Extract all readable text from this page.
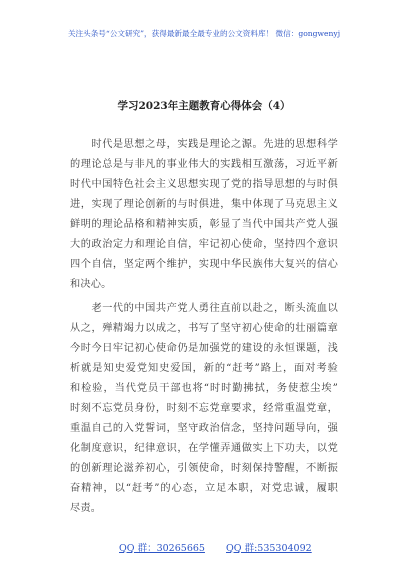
关注头条号“公文研究”，获得最新最全最专业的公文资料库！ 微信：gongwenyj
学习2023年主题教育心得体会（4）
　　时代是思想之母，实践是理论之源。先进的思想科学
的理论总是与非凡的事业伟大的实践相互激荡，习近平新
时代中国特色社会主义思想实现了党的指导思想的与时俱
进，实现了理论创新的与时俱进，集中体现了马克思主义
鲜明的理论品格和精神实质，彰显了当代中国共产党人强
大的政治定力和理论自信，牢记初心使命，坚持四个意识
四个自信，坚定两个维护，实现中华民族伟大复兴的信心
和决心。
　　老一代的中国共产党人勇往直前以赴之，断头流血以
从之，殚精竭力以成之，书写了坚守初心使命的壮丽篇章
今时今日牢记初心使命仍是加强党的建设的永恒课题，浅
析就是知史爱党知史爱国，新的“赶考”路上，面对考验
和检验，当代党员干部也将“时时勤拂拭，务使惹尘埃”
时刻不忘党员身份，时刻不忘党章要求，经常重温党章，
重温自己的入党誓词，坚守政治信念，坚持问题导向，强
化制度意识，纪律意识，在学懂弄通做实上下功夫，以党
的创新理论滋养初心，引领使命，时刻保持警醒，不断振
奋精神，以“赶考”的心态，立足本职，对党忠诚，履职
尽责。
QQ 群：30265665 QQ 群:535304092
